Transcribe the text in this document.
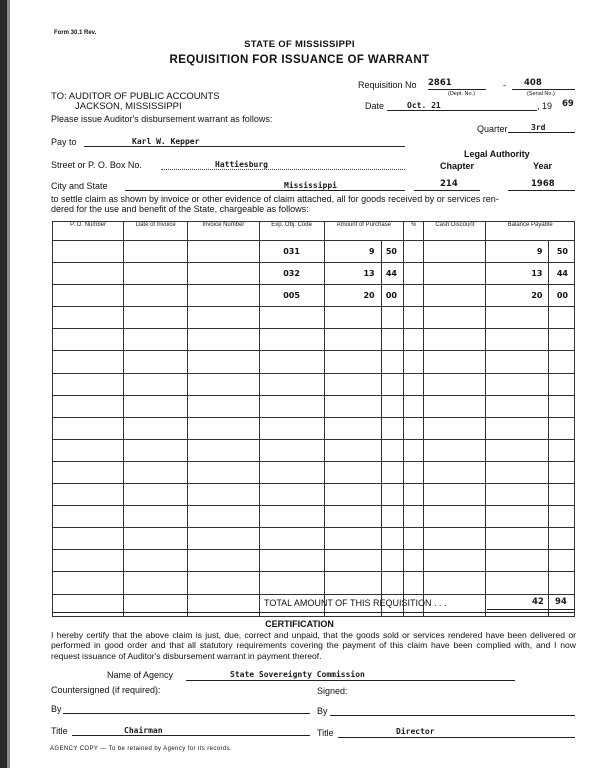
Form 30.1 Rev.
STATE OF MISSISSIPPI
REQUISITION FOR ISSUANCE OF WARRANT
Requisition No 2861	- 408
(Dept. No.)	(Serial No.)
TO: AUDITOR OF PUBLIC ACCOUNTS
JACKSON, MISSISSIPPI	Date	Oct. 21	, 19 69
Please issue Auditor's disbursement warrant as follows:
Quarter	3rd
Pay to	Karl W. Kepper
Legal Authority
Chapter	Year
Street or P. O. Box No.	Hattiesburg
City and State	Mississippi	214	1968
to settle claim as shown by invoice or other evidence of claim attached, all for goods received by or services ren-
dered for the use and benefit of the State, chargeable as follows:
P. O. Number	Date of Invoice	Invoice Number	Exp. Obj. Code	Amount of Purchase		%	Cash Discount	Balance Payable	
			031	9	50			9	50
			032	13	44			13	44
			005	20	00			20	00

TOTAL AMOUNT OF THIS REQUISITION . . .	42 94
CERTIFICATION
I hereby certify that the above claim is just, due, correct and unpaid, that the goods sold or services rendered have been delivered or performed in good order and that all statutory requirements covering the payment of this claim have been complied with, and I now request issuance of Auditor's disbursement warrant in payment thereof.
Name of Agency	State Sovereignty Commission
Countersigned (if required):	Signed:
By	By
Title	Chairman	Title	Director
AGENCY COPY — To be retained by Agency for its records.
